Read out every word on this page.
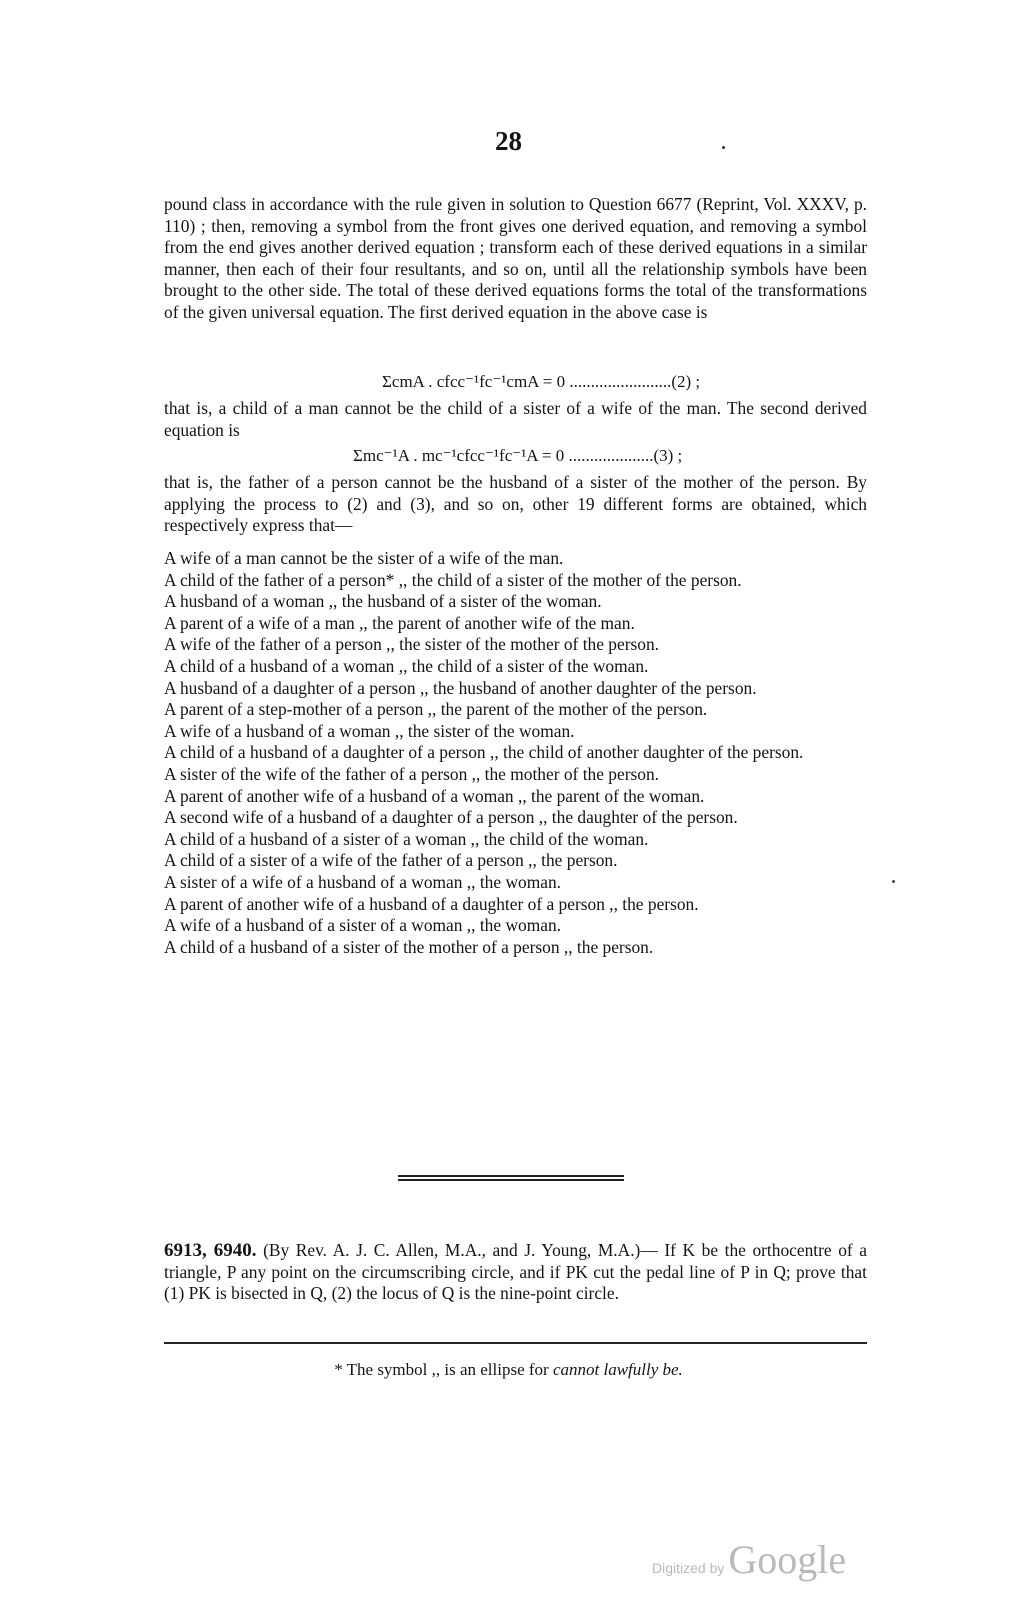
28

pound class in accordance with the rule given in solution to Question 6677 (Reprint, Vol. XXXV, p. 110) ; then, removing a symbol from the front gives one derived equation, and removing a symbol from the end gives another derived equation ; transform each of these derived equations in a similar manner, then each of their four resultants, and so on, until all the relationship symbols have been brought to the other side. The total of these derived equations forms the total of the transformations of the given universal equation. The first derived equation in the above case is

ΣcmA . cfcc⁻¹fc⁻¹cmA = 0 ........................(2) ;

that is, a child of a man cannot be the child of a sister of a wife of the man. The second derived equation is

Σmc⁻¹A . mc⁻¹cfcc⁻¹fc⁻¹A = 0 ....................(3) ;

that is, the father of a person cannot be the husband of a sister of the mother of the person. By applying the process to (2) and (3), and so on, other 19 different forms are obtained, which respectively express that—

A wife of a man cannot be the sister of a wife of the man.
A child of the father of a person* ,, the child of a sister of the mother of the person.
A husband of a woman ,, the husband of a sister of the woman.
A parent of a wife of a man ,, the parent of another wife of the man.
A wife of the father of a person ,, the sister of the mother of the person.
A child of a husband of a woman ,, the child of a sister of the woman.
A husband of a daughter of a person ,, the husband of another daughter of the person.
A parent of a step-mother of a person ,, the parent of the mother of the person.
A wife of a husband of a woman ,, the sister of the woman.
A child of a husband of a daughter of a person ,, the child of another daughter of the person.
A sister of the wife of the father of a person ,, the mother of the person.
A parent of another wife of a husband of a woman ,, the parent of the woman.
A second wife of a husband of a daughter of a person ,, the daughter of the person.
A child of a husband of a sister of a woman ,, the child of the woman.
A child of a sister of a wife of the father of a person ,, the person.
A sister of a wife of a husband of a woman ,, the woman.
A parent of another wife of a husband of a daughter of a person ,, the person.
A wife of a husband of a sister of a woman ,, the woman.
A child of a husband of a sister of the mother of a person ,, the person.
6913, 6940. (By Rev. A. J. C. Allen, M.A., and J. Young, M.A.)— If K be the orthocentre of a triangle, P any point on the circumscribing circle, and if PK cut the pedal line of P in Q; prove that (1) PK is bisected in Q, (2) the locus of Q is the nine-point circle.
* The symbol ,, is an ellipse for cannot lawfully be.
Digitized by Google
